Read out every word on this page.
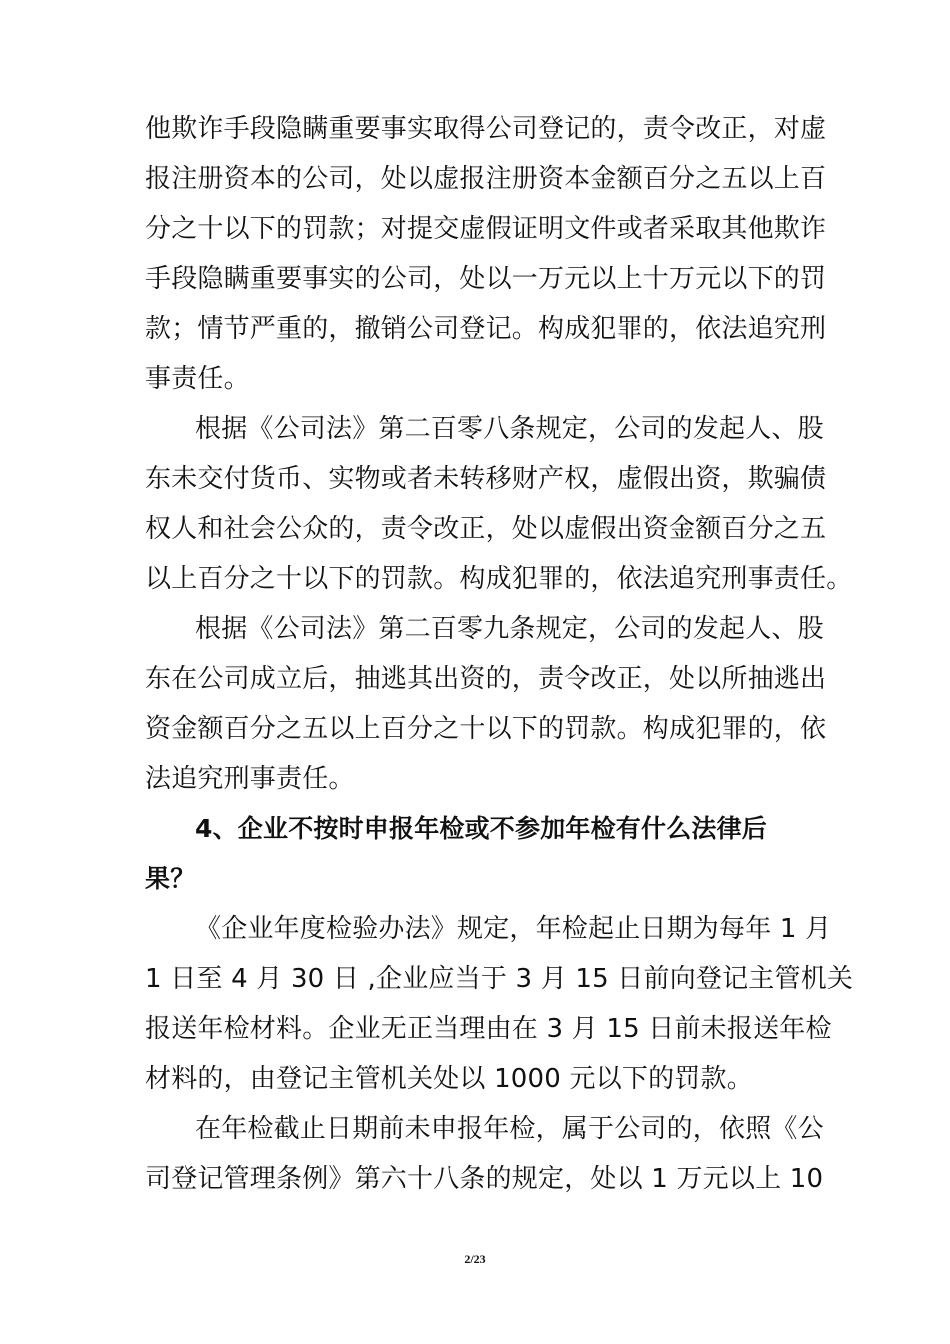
他欺诈手段隐瞒重要事实取得公司登记的，责令改正，对虚
报注册资本的公司，处以虚报注册资本金额百分之五以上百
分之十以下的罚款；对提交虚假证明文件或者采取其他欺诈
手段隐瞒重要事实的公司，处以一万元以上十万元以下的罚
款；情节严重的，撤销公司登记。构成犯罪的，依法追究刑
事责任。
根据《公司法》第二百零八条规定，公司的发起人、股
东未交付货币、实物或者未转移财产权，虚假出资，欺骗债
权人和社会公众的，责令改正，处以虚假出资金额百分之五
以上百分之十以下的罚款。构成犯罪的，依法追究刑事责任。
根据《公司法》第二百零九条规定，公司的发起人、股
东在公司成立后，抽逃其出资的，责令改正，处以所抽逃出
资金额百分之五以上百分之十以下的罚款。构成犯罪的，依
法追究刑事责任。
4、企业不按时申报年检或不参加年检有什么法律后
果？
《企业年度检验办法》规定，年检起止日期为每年 1 月
1 日至 4 月 30 日 ,企业应当于 3 月 15 日前向登记主管机关
报送年检材料。企业无正当理由在 3 月 15 日前未报送年检
材料的，由登记主管机关处以 1000 元以下的罚款。
在年检截止日期前未申报年检，属于公司的，依照《公
司登记管理条例》第六十八条的规定，处以 1 万元以上 10
2/23
